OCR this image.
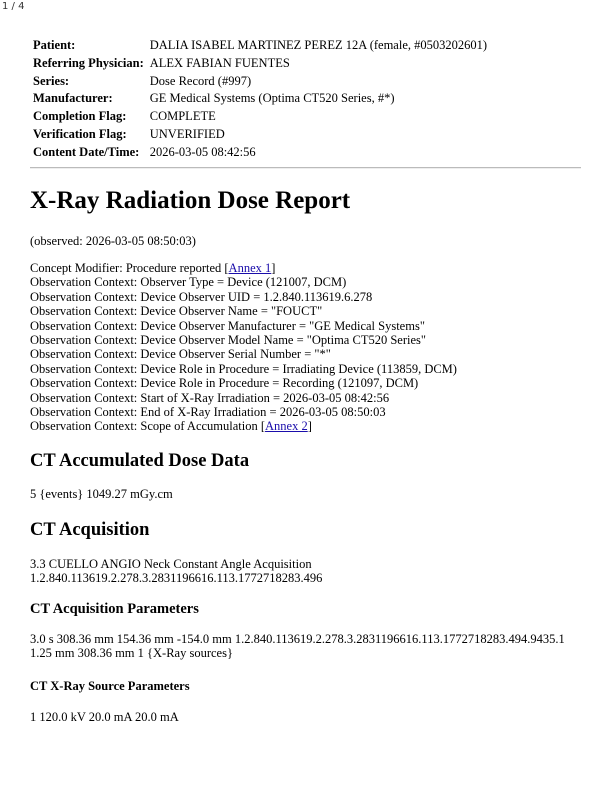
1 / 4
Patient:	DALIA ISABEL MARTINEZ PEREZ 12A (female, #0503202601)
Referring Physician:	ALEX FABIAN FUENTES
Series:	Dose Record (#997)
Manufacturer:	GE Medical Systems (Optima CT520 Series, #*)
Completion Flag:	COMPLETE
Verification Flag:	UNVERIFIED
Content Date/Time:	2026-03-05 08:42:56
X-Ray Radiation Dose Report

(observed: 2026-03-05 08:50:03)

Concept Modifier: Procedure reported [Annex 1]

Observation Context: Observer Type = Device (121007, DCM)

Observation Context: Device Observer UID = 1.2.840.113619.6.278

Observation Context: Device Observer Name = "FOUCT"

Observation Context: Device Observer Manufacturer = "GE Medical Systems"

Observation Context: Device Observer Model Name = "Optima CT520 Series"

Observation Context: Device Observer Serial Number = "*"

Observation Context: Device Role in Procedure = Irradiating Device (113859, DCM)

Observation Context: Device Role in Procedure = Recording (121097, DCM)

Observation Context: Start of X-Ray Irradiation = 2026-03-05 08:42:56

Observation Context: End of X-Ray Irradiation = 2026-03-05 08:50:03

Observation Context: Scope of Accumulation [Annex 2]

CT Accumulated Dose Data

5 {events} 1049.27 mGy.cm

CT Acquisition

3.3 CUELLO ANGIO Neck Constant Angle Acquisition

1.2.840.113619.2.278.3.2831196616.113.1772718283.496

CT Acquisition Parameters

3.0 s 308.36 mm 154.36 mm -154.0 mm 1.2.840.113619.2.278.3.2831196616.113.1772718283.494.9435.1

1.25 mm 308.36 mm 1 {X-Ray sources}

CT X-Ray Source Parameters

1 120.0 kV 20.0 mA 20.0 mA
